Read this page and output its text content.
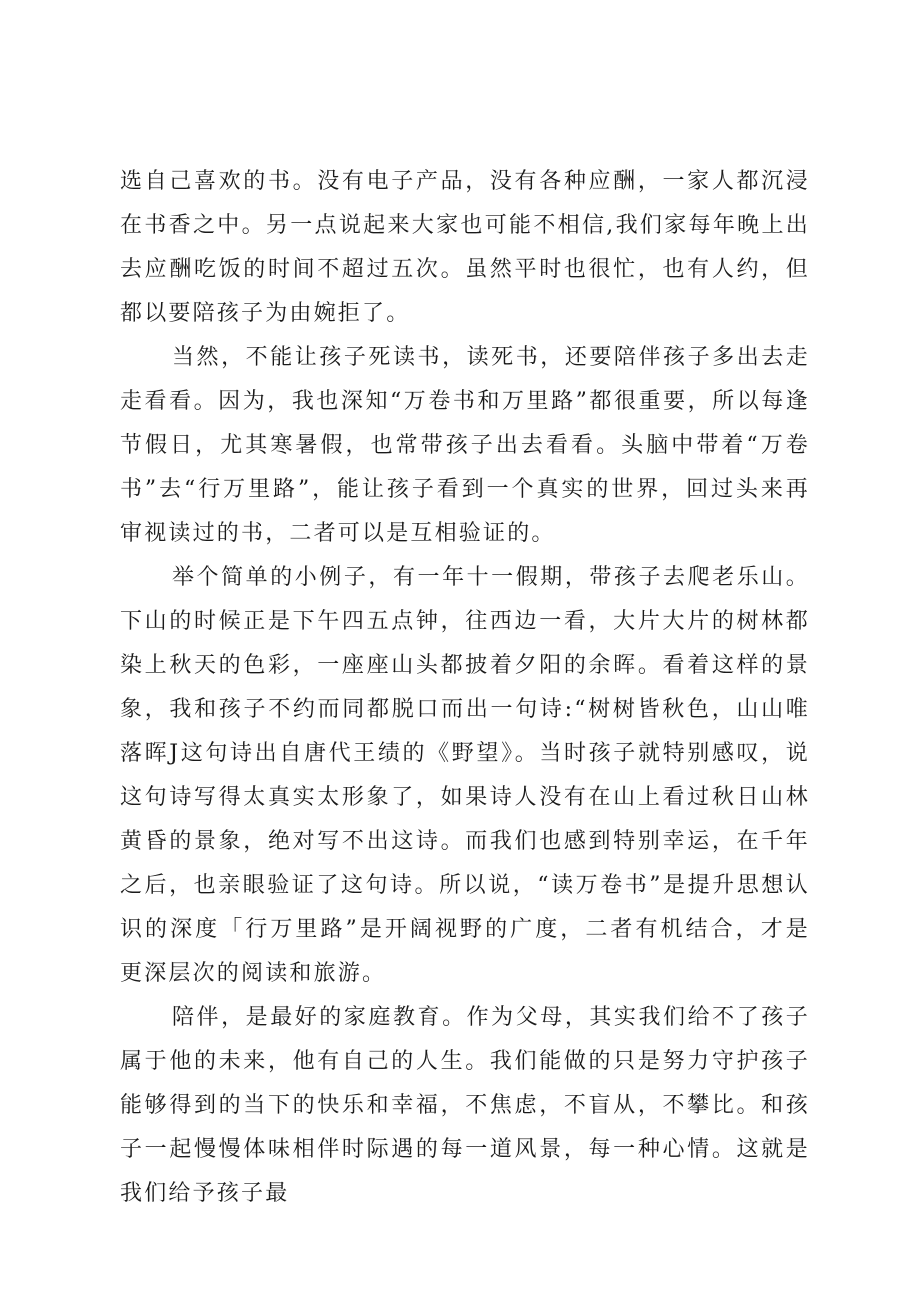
选自己喜欢的书。没有电子产品，没有各种应酬，一家人都沉浸在书香之中。另一点说起来大家也可能不相信,我们家每年晚上出去应酬吃饭的时间不超过五次。虽然平时也很忙，也有人约，但都以要陪孩子为由婉拒了。

当然，不能让孩子死读书，读死书，还要陪伴孩子多出去走走看看。因为，我也深知“万卷书和万里路”都很重要，所以每逢节假日，尤其寒暑假，也常带孩子出去看看。头脑中带着“万卷书”去“行万里路”，能让孩子看到一个真实的世界，回过头来再审视读过的书，二者可以是互相验证的。

举个简单的小例子，有一年十一假期，带孩子去爬老乐山。下山的时候正是下午四五点钟，往西边一看，大片大片的树林都染上秋天的色彩，一座座山头都披着夕阳的余晖。看着这样的景象，我和孩子不约而同都脱口而出一句诗:“树树皆秋色，山山唯落晖J这句诗出自唐代王绩的《野望》。当时孩子就特别感叹，说这句诗写得太真实太形象了，如果诗人没有在山上看过秋日山林黄昏的景象，绝对写不出这诗。而我们也感到特别幸运，在千年之后，也亲眼验证了这句诗。所以说，“读万卷书”是提升思想认识的深度「行万里路”是开阔视野的广度，二者有机结合，才是更深层次的阅读和旅游。

陪伴，是最好的家庭教育。作为父母，其实我们给不了孩子属于他的未来，他有自己的人生。我们能做的只是努力守护孩子能够得到的当下的快乐和幸福，不焦虑，不盲从，不攀比。和孩子一起慢慢体味相伴时际遇的每一道风景，每一种心情。这就是我们给予孩子最
